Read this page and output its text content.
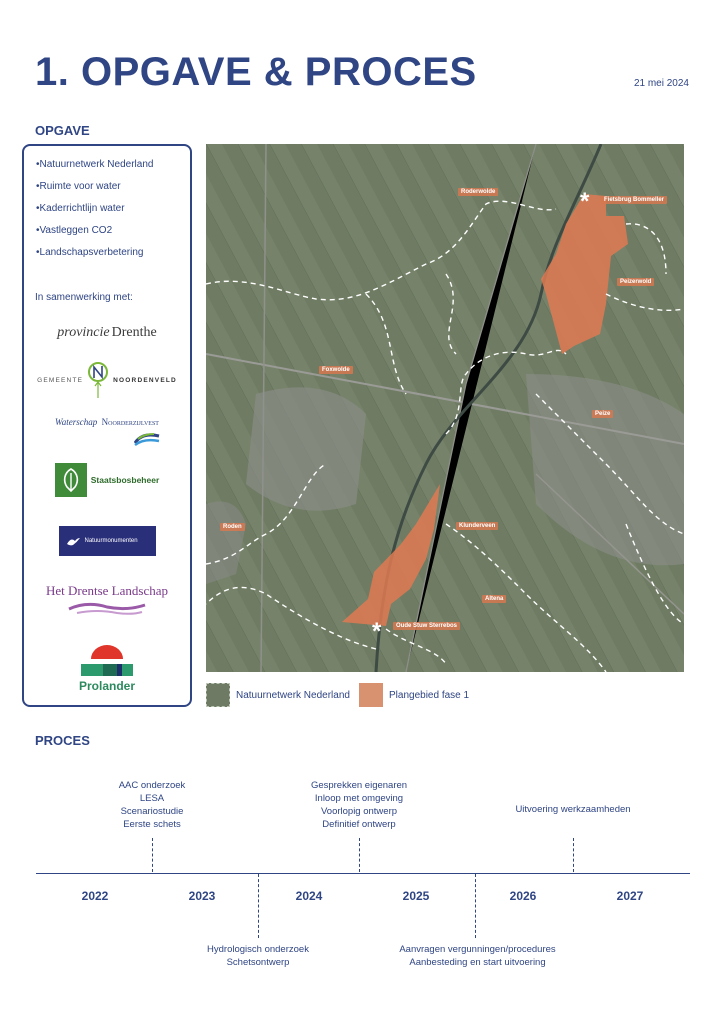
1. OPGAVE & PROCES	21 mei 2024
OPGAVE
•Natuurnetwerk Nederland
•Ruimte voor water
•Kaderrichtlijn water
•Vastleggen CO2
•Landschapsverbetering
In samenwerking met:
provincie Drenthe
GEMEENTE	NOORDENVELD
Waterschap Noorderzijlvest
Staatsbosbeheer
Natuurmonumenten
Het Drentse Landschap
Prolander
Roderwolde	*	Fietsbrug Bommeller
Peizerwold
Foxwolde
Peize
Roden	Klunderveen
Altena
*	Oude Stuw Sterrebos
Natuurnetwerk Nederland	Plangebied fase 1
PROCES
AAC onderzoek
LESA
Scenariostudie
Eerste schets
Gesprekken eigenaren
Inloop met omgeving
Voorlopig ontwerp
Definitief ontwerp
Uitvoering werkzaamheden
2022	2023	2024	2025	2026	2027
Hydrologisch onderzoek
Schetsontwerp
Aanvragen vergunningen/procedures
Aanbesteding en start uitvoering
